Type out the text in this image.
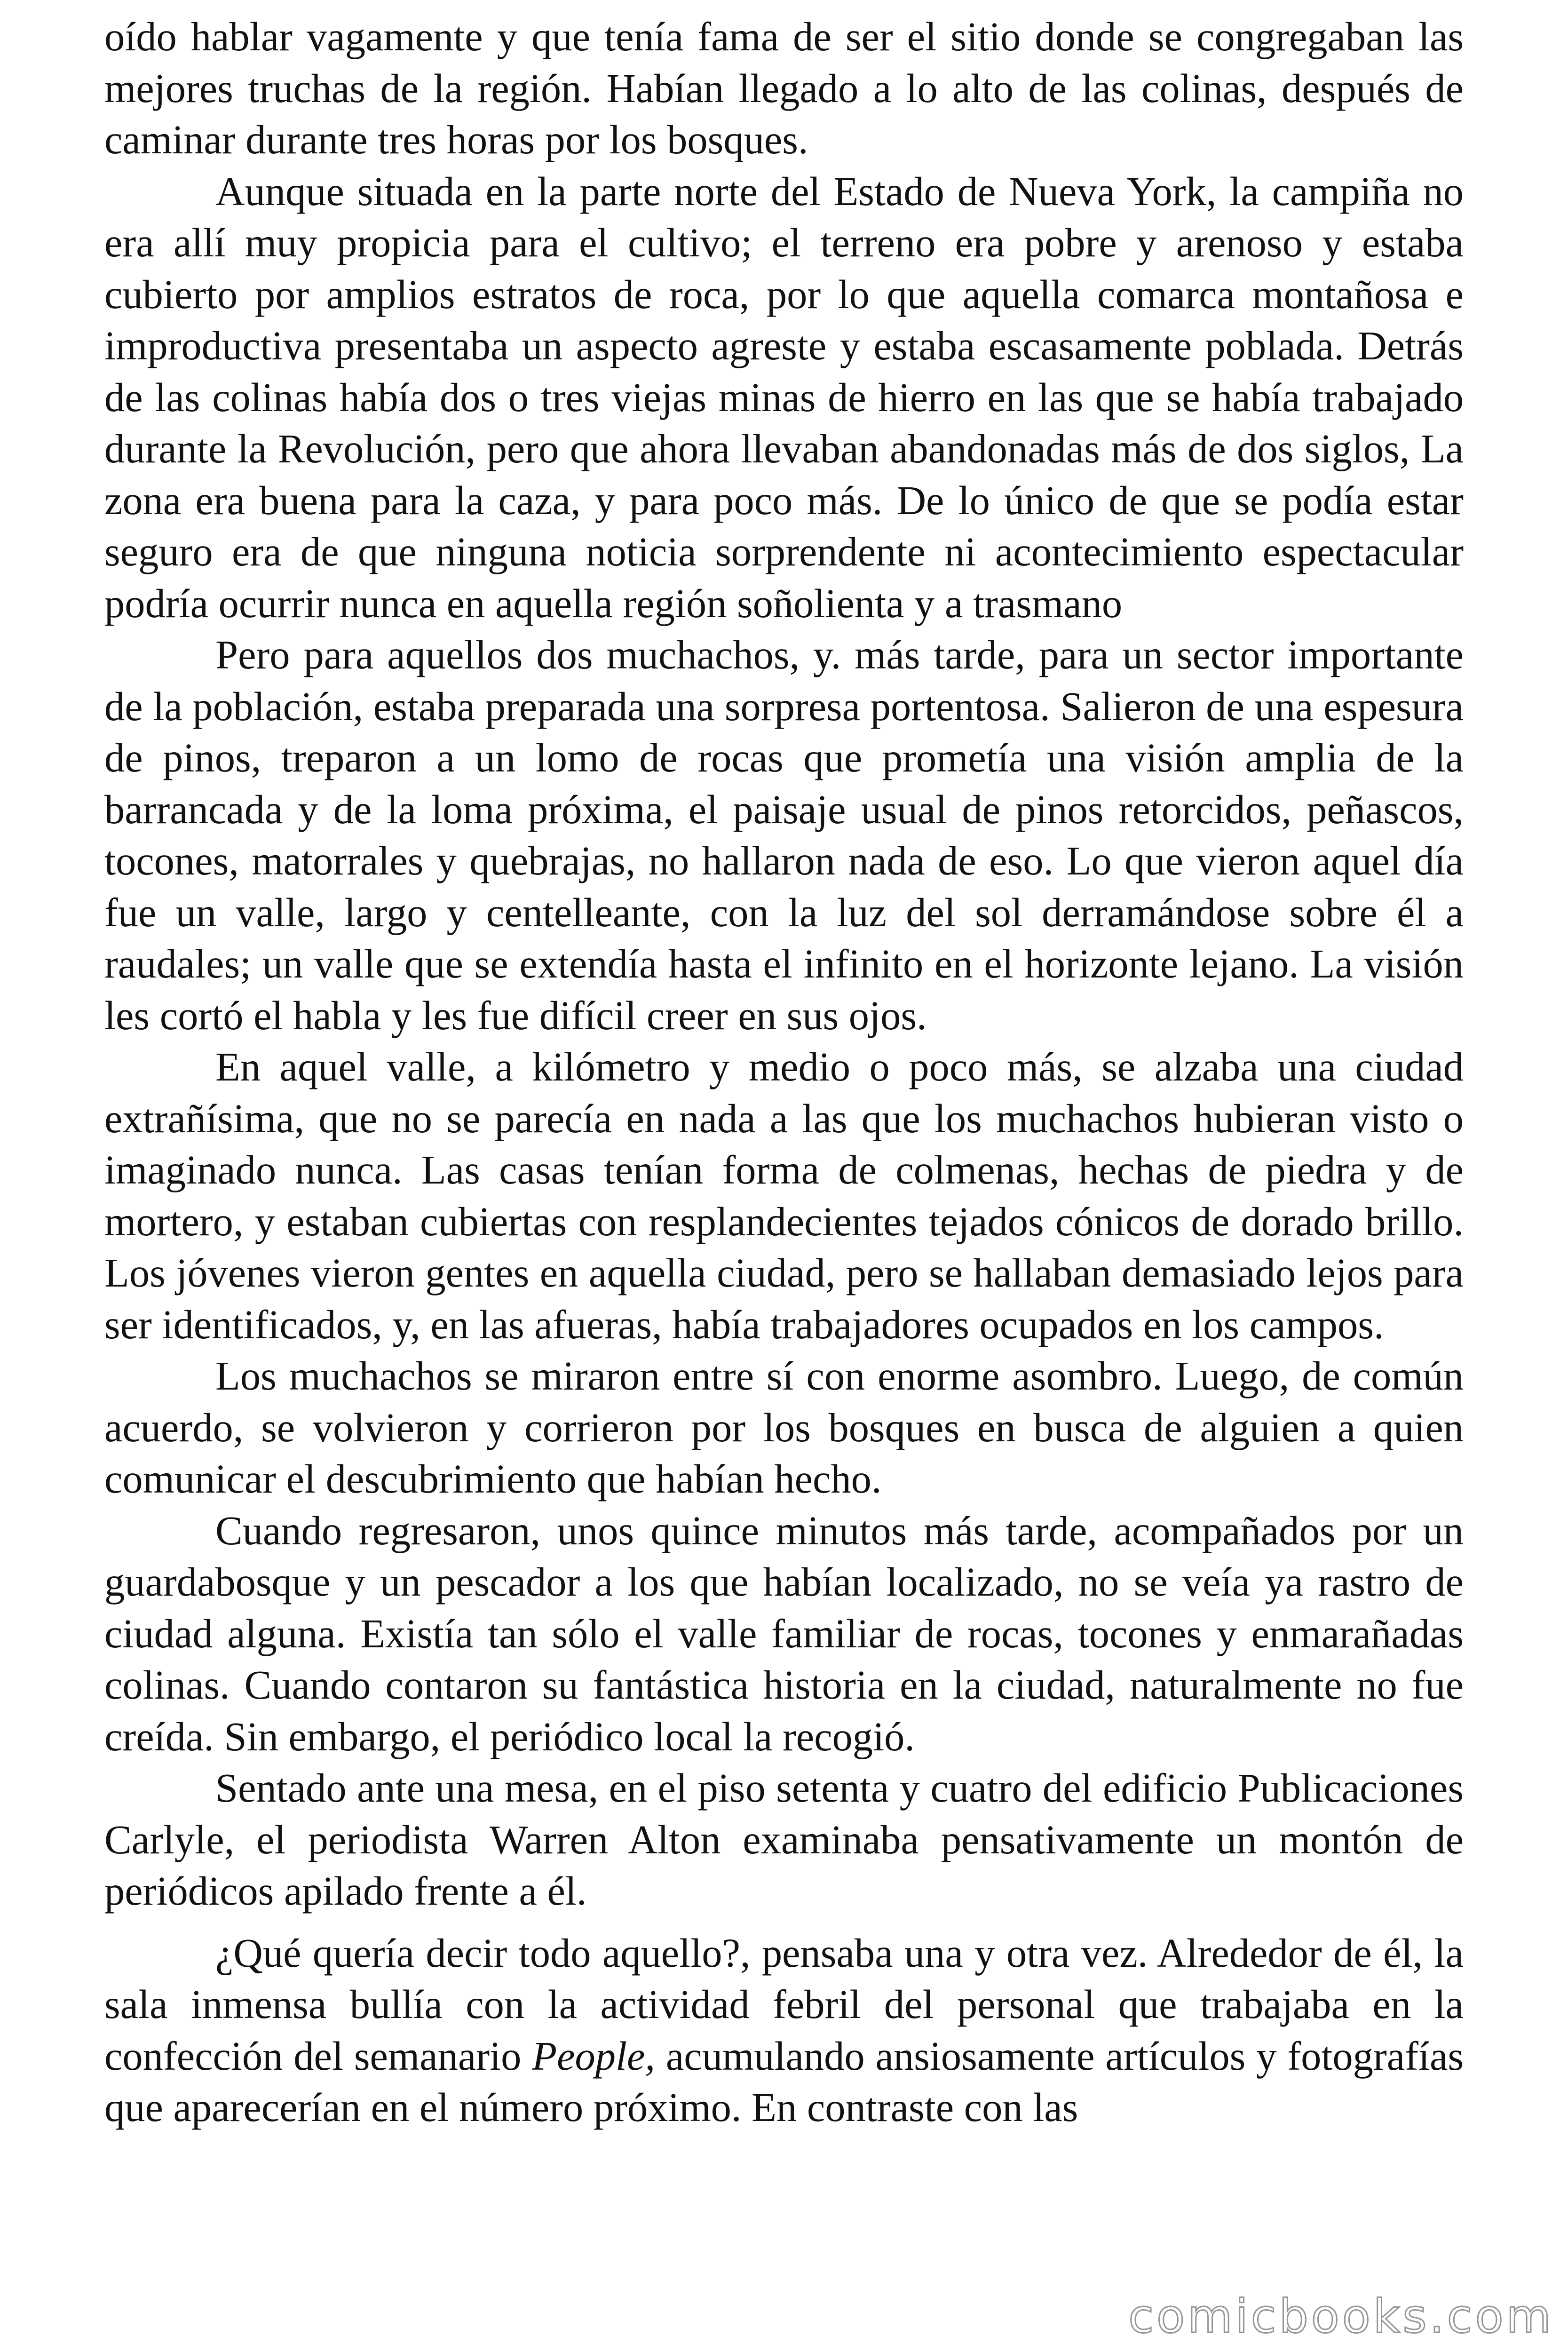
oído hablar vagamente y que tenía fama de ser el sitio donde se congregaban las mejores truchas de la región. Habían llegado a lo alto de las colinas, después de caminar durante tres horas por los bosques.

Aunque situada en la parte norte del Estado de Nueva York, la campiña no era allí muy propicia para el cultivo; el terreno era pobre y arenoso y estaba cubierto por amplios estratos de roca, por lo que aquella comarca montañosa e improductiva presentaba un aspecto agreste y estaba escasamente poblada. Detrás de las colinas había dos o tres viejas minas de hierro en las que se había trabajado durante la Revolución, pero que ahora llevaban abandonadas más de dos siglos, La zona era buena para la caza, y para poco más. De lo único de que se podía estar seguro era de que ninguna noticia sorprendente ni acontecimiento espectacular podría ocurrir nunca en aquella región soñolienta y a trasmano

Pero para aquellos dos muchachos, y. más tarde, para un sector importante de la población, estaba preparada una sorpresa portentosa. Salieron de una espesura de pinos, treparon a un lomo de rocas que prometía una visión amplia de la barrancada y de la loma próxima, el paisaje usual de pinos retorcidos, peñascos, tocones, matorrales y quebrajas, no hallaron nada de eso. Lo que vieron aquel día fue un valle, largo y centelleante, con la luz del sol derramándose sobre él a raudales; un valle que se extendía hasta el infinito en el horizonte lejano. La visión les cortó el habla y les fue difícil creer en sus ojos.

En aquel valle, a kilómetro y medio o poco más, se alzaba una ciudad extrañísima, que no se parecía en nada a las que los muchachos hubieran visto o imaginado nunca. Las casas tenían forma de colmenas, hechas de piedra y de mortero, y estaban cubiertas con resplandecientes tejados cónicos de dorado brillo. Los jóvenes vieron gentes en aquella ciudad, pero se hallaban demasiado lejos para ser identificados, y, en las afueras, había trabajadores ocupados en los campos.

Los muchachos se miraron entre sí con enorme asombro. Luego, de común acuerdo, se volvieron y corrieron por los bosques en busca de alguien a quien comunicar el descubrimiento que habían hecho.

Cuando regresaron, unos quince minutos más tarde, acompañados por un guardabosque y un pescador a los que habían localizado, no se veía ya rastro de ciudad alguna. Existía tan sólo el valle familiar de rocas, tocones y enmarañadas colinas. Cuando contaron su fantástica historia en la ciudad, naturalmente no fue creída. Sin embargo, el periódico local la recogió.

Sentado ante una mesa, en el piso setenta y cuatro del edificio Publicaciones Carlyle, el periodista Warren Alton examinaba pensativamente un montón de periódicos apilado frente a él.

¿Qué quería decir todo aquello?, pensaba una y otra vez. Alrededor de él, la sala inmensa bullía con la actividad febril del personal que trabajaba en la confección del semanario People, acumulando ansiosamente artículos y fotografías que aparecerían en el número próximo. En contraste con las

comicbooks.com
